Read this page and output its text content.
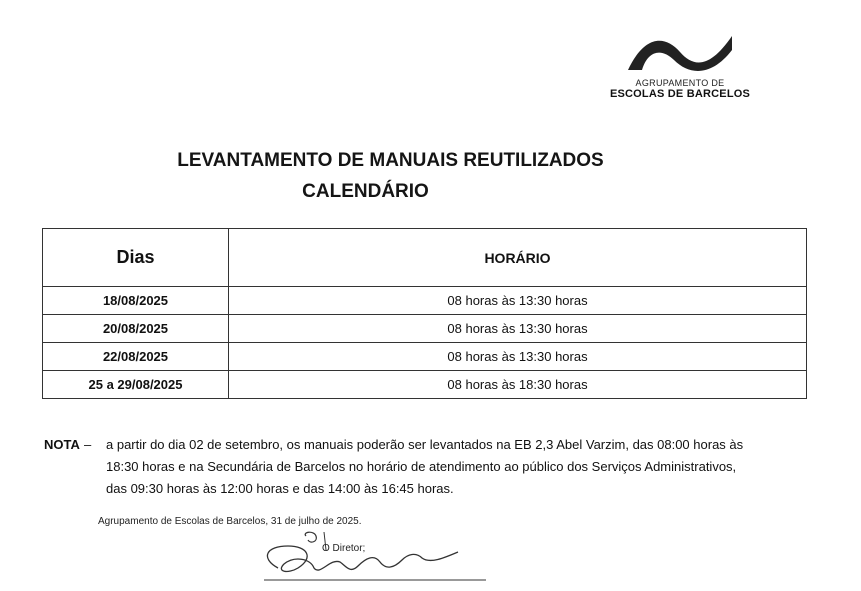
AGRUPAMENTO DE
ESCOLAS DE BARCELOS
LEVANTAMENTO DE MANUAIS REUTILIZADOS
CALENDÁRIO
Dias	HORÁRIO
18/08/2025	08 horas às 13:30 horas
20/08/2025	08 horas às 13:30 horas
22/08/2025	08 horas às 13:30 horas
25 a 29/08/2025	08 horas às 18:30 horas
NOTA – a partir do dia 02 de setembro, os manuais poderão ser levantados na EB 2,3 Abel Varzim, das 08:00 horas às
18:30 horas e na Secundária de Barcelos no horário de atendimento ao público dos Serviços Administrativos,
das 09:30 horas às 12:00 horas e das 14:00 às 16:45 horas.
Agrupamento de Escolas de Barcelos, 31 de julho de 2025.
O Diretor;
